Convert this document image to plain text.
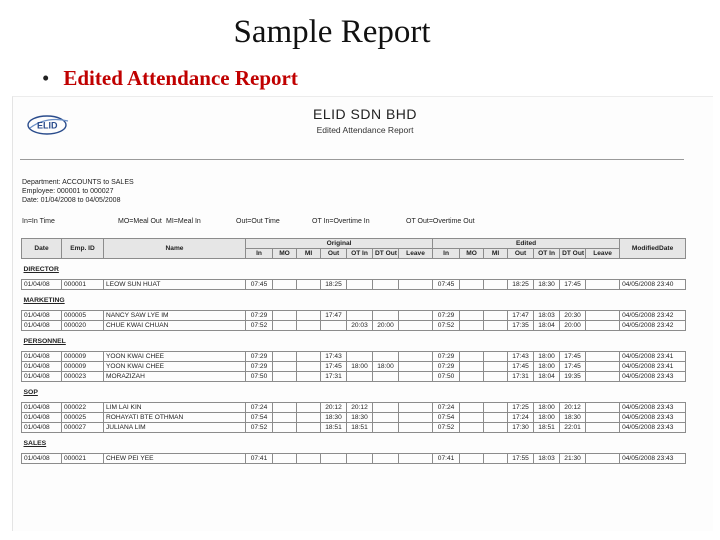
Sample Report
• Edited Attendance Report
ELID
ELID SDN BHD
Edited Attendance Report
Department: ACCOUNTS to SALES
Employee: 000001 to 000027
Date: 01/04/2008 to 04/05/2008
In=In Time	MO=Meal Out MI=Meal In	Out=Out Time	OT In=Overtime In	OT Out=Overtime Out
Date	Emp. ID	Name	Original							Edited							ModifiedDate
			In	MO	MI	Out	OT In	DT Out	Leave	In	MO	MI	Out	OT In	DT Out	Leave	
DIRECTOR																	
01/04/08	000001	LEOW SUN HUAT	07:45			18:25				07:45			18:25	18:30	17:45		04/05/2008 23:40
MARKETING																	
01/04/08	000005	NANCY SAW LYE IM	07:29			17:47				07:29			17:47	18:03	20:30		04/05/2008 23:42
01/04/08	000020	CHUE KWAI CHUAN	07:52				20:03	20:00		07:52			17:35	18:04	20:00		04/05/2008 23:42
PERSONNEL																	
01/04/08	000009	YOON KWAI CHEE	07:29			17:43				07:29			17:43	18:00	17:45		04/05/2008 23:41
01/04/08	000009	YOON KWAI CHEE	07:29			17:45	18:00	18:00		07:29			17:45	18:00	17:45		04/05/2008 23:41
01/04/08	000023	MORAZIZAH	07:50			17:31				07:50			17:31	18:04	19:35		04/05/2008 23:43
SOP																	
01/04/08	000022	LIM LAI KIN	07:24			20:12	20:12			07:24			17:25	18:00	20:12		04/05/2008 23:43
01/04/08	000025	ROHAYATI BTE OTHMAN	07:54			18:30	18:30			07:54			17:24	18:00	18:30		04/05/2008 23:43
01/04/08	000027	JULIANA LIM	07:52			18:51	18:51			07:52			17:30	18:51	22:01		04/05/2008 23:43
SALES																	
01/04/08	000021	CHEW PEI YEE	07:41							07:41			17:55	18:03	21:30		04/05/2008 23:43
